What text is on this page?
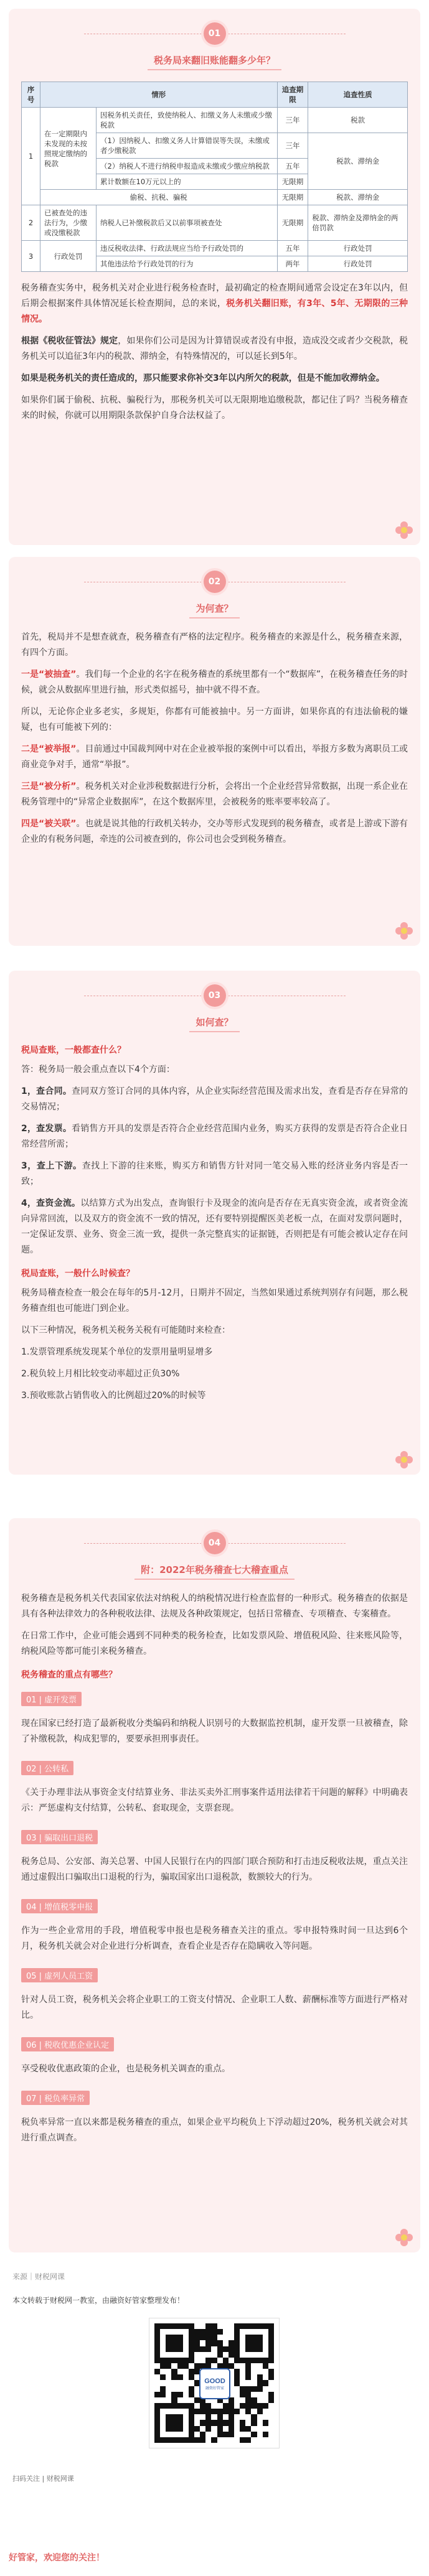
01
税务局来翻旧账能翻多少年？
序号	情形		追查期限	追查性质
1	在一定期限内未发现的未按照规定缴纳的税款	因税务机关责任，致使纳税人、扣缴义务人未缴或少缴税款	三年	税款
		（1）因纳税人、扣缴义务人计算错误等失误，未缴或者少缴税款	三年	税款、滞纳金
		（2）纳税人不进行纳税申报造成未缴或少缴应纳税款	五年	
		累计数额在10万元以上的	无限期	
	偷税、抗税、骗税		无限期	税款、滞纳金
2	已被查处的违法行为，少缴或没缴税款	纳税人已补缴税款后又以前事项被查处	无限期	税款、滞纳金及滞纳金的两倍罚款
3	行政处罚	违反税收法律、行政法规应当给予行政处罚的	五年	行政处罚
		其他违法给予行政处罚的行为	两年	行政处罚

税务稽查实务中，税务机关对企业进行税务检查时，最初确定的检查期间通常会设定在3年以内，但后期会根据案件具体情况延长检查期间，总的来说，税务机关翻旧账，有3年、5年、无期限的三种情况。

根据《税收征管法》规定，如果你们公司是因为计算错误或者没有申报，造成没交或者少交税款，税务机关可以追征3年内的税款、滞纳金，有特殊情况的，可以延长到5年。

如果是税务机关的责任造成的，那只能要求你补交3年以内所欠的税款，但是不能加收滞纳金。

如果你们属于偷税、抗税、骗税行为，那税务机关可以无限期地追缴税款，都记住了吗？当税务稽查来的时候，你就可以用期限条款保护自身合法权益了。

02
为何查？

首先，税局并不是想查就查，税务稽查有严格的法定程序。税务稽查的来源是什么，税务稽查来源，有四个方面。

一是“被抽查”。我们每一个企业的名字在税务稽查的系统里都有一个“数据库”，在税务稽查任务的时候，就会从数据库里进行抽，形式类似摇号，抽中就不得不查。

所以，无论你企业多老实，多规矩，你都有可能被抽中。另一方面讲，如果你真的有违法偷税的嫌疑，也有可能被下列的：

二是“被举报”。目前通过中国裁判网中对在企业被举报的案例中可以看出，举报方多数为离职员工或商业竞争对手，通常“举报”。

三是“被分析”。税务机关对企业涉税数据进行分析，会将出一个企业经营异常数据，出现一系企业在税务管理中的“异常企业数据库”，在这个数据库里，会被税务的账率要率较高了。

四是“被关联”。也就是说其他的行政机关转办，交办等形式发现到的税务稽查，或者是上游或下游有企业的有税务问题，牵连的公司被查到的，你公司也会受到税务稽查。

03
如何查？
税局查账，一般都查什么？

答：税务局一般会重点查以下4个方面：

1，查合同。查同双方签订合同的具体内容，从企业实际经营范围及需求出发，查看是否存在异常的交易情况；

2，查发票。看销售方开具的发票是否符合企业经营范围内业务，购买方获得的发票是否符合企业日常经营所需；

3，查上下游。查找上下游的往来账，购买方和销售方针对同一笔交易入账的经济业务内容是否一致；

4，查资金流。以结算方式为出发点，查询银行卡及现金的流向是否存在无真实资金流，或者资金流向异常回流，以及双方的资金流不一致的情况，还有要特别提醒医美老板一点，在面对发票问题时，一定保证发票、业务、资金三流一致，提供一条完整真实的证据链，否则把是有可能会被认定存在问题。

税局查账，一般什么时候查？

税务局稽查检查一般会在每年的5月-12月，日期并不固定，当然如果通过系统判别存有问题，那么税务稽查组也可能进门到企业。

以下三种情况，税务机关税务关税有可能随时来检查：

1.发票管理系统发现某个单位的发票用量明显增多

2.税负较上月相比较变动率超过正负30%

3.预收账款占销售收入的比例超过20%的时候等

04
附：2022年税务稽查七大稽查重点

税务稽查是税务机关代表国家依法对纳税人的纳税情况进行检查监督的一种形式。税务稽查的依据是具有各种法律效力的各种税收法律、法规及各种政策规定，包括日常稽查、专项稽查、专案稽查。

在日常工作中，企业可能会遇到不同种类的税务检查，比如发票风险、增值税风险、往来账风险等，纳税风险等都可能引来税务稽查。

税务稽查的重点有哪些？
01 | 虚开发票

现在国家已经打造了最新税收分类编码和纳税人识别号的大数据监控机制，虚开发票一旦被稽查，除了补缴税款，构成犯罪的，要要承担刑事责任。

02 | 公转私

《关于办理非法从事资金支付结算业务、非法买卖外汇刑事案件适用法律若干问题的解释》中明确表示：严惩虚构支付结算，公转私、套取现金，支票套现。

03 | 骗取出口退税

税务总局、公安部、海关总署、中国人民银行在内的四部门联合预防和打击违反税收法规，重点关注通过虚假出口骗取出口退税的行为，骗取国家出口退税款，数额较大的行为。

04 | 增值税零申报

作为一些企业常用的手段，增值税零申报也是税务稽查关注的重点。零申报特殊时间一旦达到6个月，税务机关就会对企业进行分析调查，查看企业是否存在隐瞒收入等问题。

05 | 虚列人员工资

针对人员工资，税务机关会将企业职工的工资支付情况、企业职工人数、薪酬标准等方面进行严格对比。

06 | 税收优惠企业认定

享受税收优惠政策的企业，也是税务机关调查的重点。

07 | 税负率异常

税负率异常一直以来都是税务稽查的重点，如果企业平均税负上下浮动超过20%，税务机关就会对其进行重点调查。

来源｜财税网课
本文转载于财税网一教室，由融资好管家整理发布！
GOOD
融资好管家
扫码关注 | 财税网课
好管家，欢迎您的关注！
